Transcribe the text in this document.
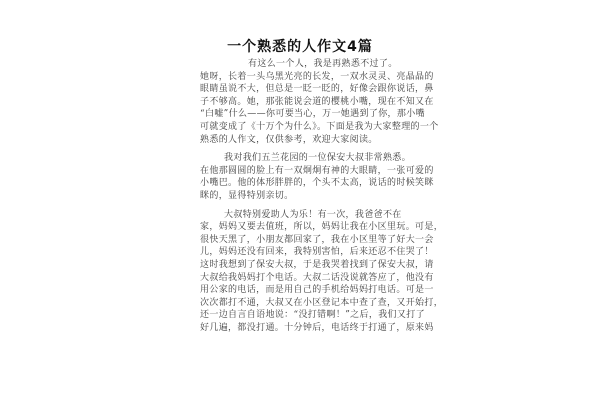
一个熟悉的人作文4篇
有这么一个人，我是再熟悉不过了。
她呀，长着一头乌黑光亮的长发，一双水灵灵、亮晶晶的
眼睛虽说不大，但总是一眨一眨的，好像会跟你说话，鼻
子不够高。她，那张能说会道的樱桃小嘴，现在不知又在
“白嘘”什么——你可要当心，万一她遇到了你，那小嘴
可就变成了《十万个为什么》。下面是我为大家整理的一个
熟悉的人作文，仅供参考，欢迎大家阅读。
我对我们五兰花园的一位保安大叔非常熟悉。
在他那圆圆的脸上有一双炯炯有神的大眼睛，一张可爱的
小嘴巴。他的体形胖胖的，个头不太高，说话的时候笑眯
眯的，显得特别亲切。
大叔特别爱助人为乐！有一次，我爸爸不在
家，妈妈又要去值班，所以，妈妈让我在小区里玩。可是，
很快天黑了，小朋友都回家了，我在小区里等了好大一会
儿，妈妈还没有回来，我特别害怕，后来还忍不住哭了！
这时我想到了保安大叔，于是我哭着找到了保安大叔，请
大叔给我妈妈打个电话。大叔二话没说就答应了，他没有
用公家的电话，而是用自己的手机给妈妈打电话。可是一
次次都打不通，大叔又在小区登记本中查了查，又开始打，
还一边自言自语地说：“没打错啊！”之后，我们又打了
好几遍，都没打通。十分钟后，电话终于打通了，原来妈
